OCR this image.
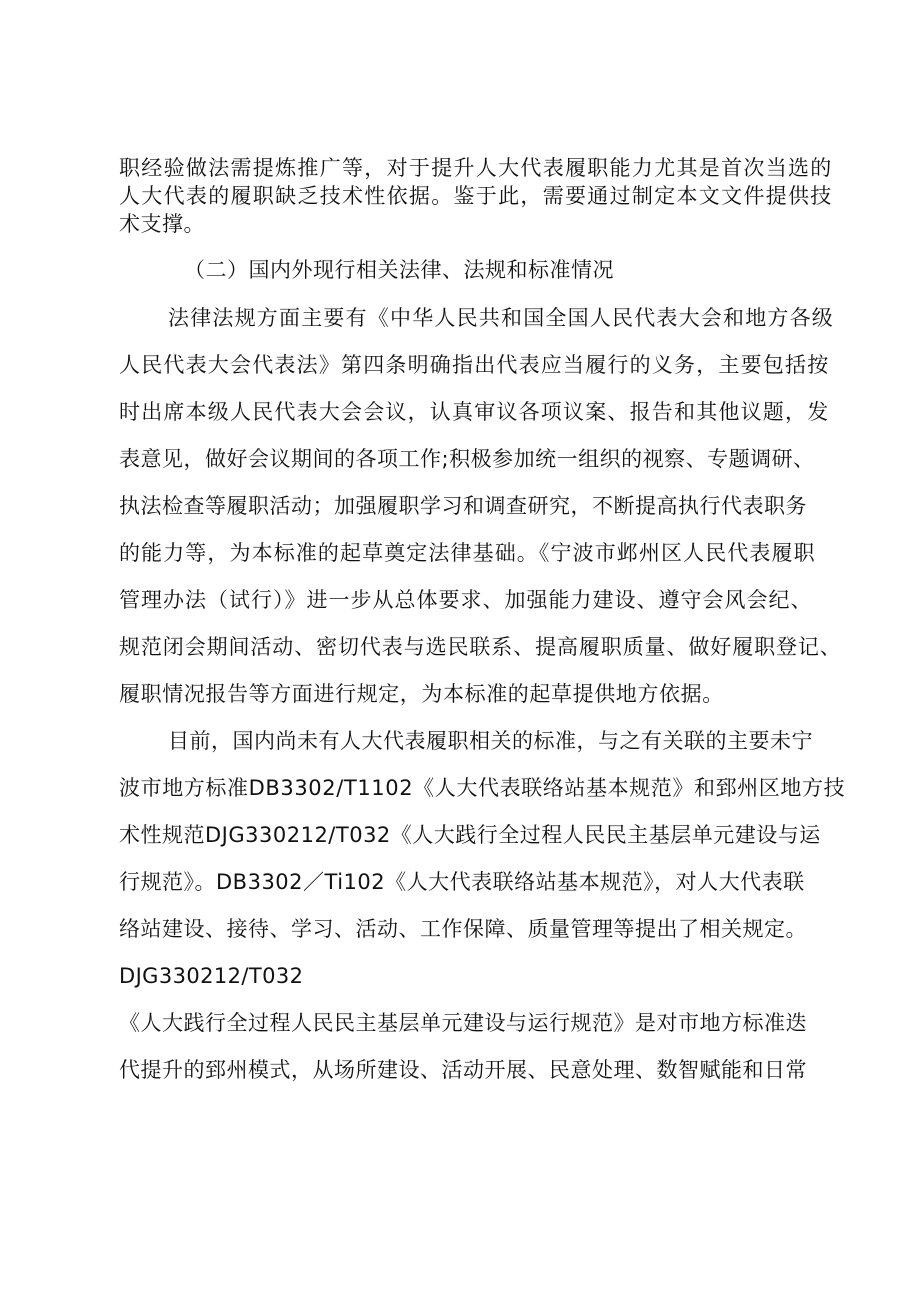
职经验做法需提炼推广等，对于提升人大代表履职能力尤其是首次当选的
人大代表的履职缺乏技术性依据。鉴于此，需要通过制定本文文件提供技
术支撑。
（二）国内外现行相关法律、法规和标准情况
法律法规方面主要有《中华人民共和国全国人民代表大会和地方各级
人民代表大会代表法》第四条明确指出代表应当履行的义务，主要包括按
时出席本级人民代表大会会议，认真审议各项议案、报告和其他议题，发
表意见，做好会议期间的各项工作;积极参加统一组织的视察、专题调研、
执法检查等履职活动；加强履职学习和调查研究，不断提高执行代表职务
的能力等，为本标准的起草奠定法律基础。《宁波市邺州区人民代表履职
管理办法（试行）》进一步从总体要求、加强能力建设、遵守会风会纪、
规范闭会期间活动、密切代表与选民联系、提高履职质量、做好履职登记、
履职情况报告等方面进行规定，为本标准的起草提供地方依据。
目前，国内尚未有人大代表履职相关的标准，与之有关联的主要未宁
波市地方标准DB3302/T1102《人大代表联络站基本规范》和郅州区地方技
术性规范DJG330212/T032《人大践行全过程人民民主基层单元建设与运
行规范》。DB3302／Ti102《人大代表联络站基本规范》，对人大代表联
络站建设、接待、学习、活动、工作保障、质量管理等提出了相关规定。
DJG330212/T032
《人大践行全过程人民民主基层单元建设与运行规范》是对市地方标准迭
代提升的郅州模式，从场所建设、活动开展、民意处理、数智赋能和日常
